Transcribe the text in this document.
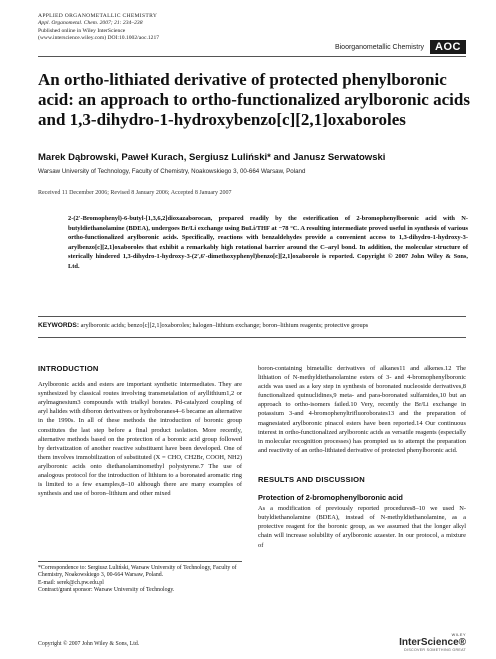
APPLIED ORGANOMETALLIC CHEMISTRY
Appl. Organometal. Chem. 2007; 21: 234–238
Published online in Wiley InterScience
(www.interscience.wiley.com) DOI:10.1002/aoc.1217
Bioorganometallic Chemistry	AOC
An ortho-lithiated derivative of protected phenylboronic acid: an approach to ortho-functionalized arylboronic acids and 1,3-dihydro-1-hydroxybenzo[c][2,1]oxaboroles
Marek Dąbrowski, Paweł Kurach, Sergiusz Luliński* and Janusz Serwatowski
Warsaw University of Technology, Faculty of Chemistry, Noakowskiego 3, 00-664 Warsaw, Poland
Received 11 December 2006; Revised 8 January 2006; Accepted 8 January 2007

2-(2′-Bromophenyl)-6-butyl-[1,3,6,2]dioxazaborocan, prepared readily by the esterification of 2-bromophenylboronic acid with N-butyldiethanolamine (BDEA), undergoes Br/Li exchange using BuLi/THF at −78 °C. A resulting intermediate proved useful in synthesis of various ortho-functionalized arylboronic acids. Specifically, reactions with benzaldehydes provide a convenient access to 1,3-dihydro-1-hydroxy-3-arylbenzo[c][2,1]oxaboroles that exhibit a remarkably high rotational barrier around the C–aryl bond. In addition, the molecular structure of sterically hindered 1,3-dihydro-1-hydroxy-3-(2′,6′-dimethoxyphenyl)benzo[c][2,1]oxaborole is reported. Copyright © 2007 John Wiley & Sons, Ltd.

KEYWORDS: arylboronic acids; benzo[c][2,1]oxaboroles; halogen–lithium exchange; boron–lithium reagents; protective groups
INTRODUCTION

Arylboronic acids and esters are important synthetic intermediates. They are synthesized by classical routes involving transmetalation of aryllithium1,2 or arylmagnesium3 compounds with trialkyl borates. Pd-catalyzed coupling of aryl halides with diboron derivatives or hydroboranes4–6 became an alternative in the 1990s. In all of these methods the introduction of boronic group constitutes the last step before a final product isolation. More recently, alternative methods based on the protection of a boronic acid group followed by derivatization of another reactive substituent have been developed. One of them involves immobilization of substituted (X = CHO, CH2Br, COOH, NH2) arylboronic acids onto diethanolaminomethyl polystyrene.7 The use of analogous protocol for the introduction of lithium to a boronated aromatic ring is limited to a few examples,8–10 although there are many examples of synthesis and use of boron–lithium and other mixed

*Correspondence to: Sergiusz Luliński, Warsaw University of Technology, Faculty of Chemistry, Noakowskiego 3, 00-664 Warsaw, Poland.

E-mail: serek@ch.pw.edu.pl

Contract/grant sponsor: Warsaw University of Technology.

Copyright © 2007 John Wiley & Sons, Ltd.

boron-containing bimetallic derivatives of alkanes11 and alkenes.12 The lithiation of N-methyldiethanolamine esters of 3- and 4-bromophenylboronic acids was used as a key step in synthesis of boronated nucleoside derivatives,8 functionalized quinuclidines,9 meta- and para-boronated sulfamides,10 but an approach to ortho-isomers failed.10 Very, recently the Br/Li exchange in potassium 3-and 4-bromophenyltrifluoroborates13 and the preparation of magnesiated arylboronic pinacol esters have been reported.14 Our continuous interest in ortho-functionalized arylboronic acids as versatile reagents (especially in molecular recognition processes) has prompted us to attempt the preparation and reactivity of an ortho-lithiated derivative of protected phenylboronic acid.

RESULTS AND DISCUSSION
Protection of 2-bromophenylboronic acid

As a modification of previously reported procedures8–10 we used N-butyldiethanolamine (BDEA), instead of N-methyldiethanolamine, as a protective reagent for the boronic group, as we assumed that the longer alkyl chain will increase solubility of arylboronic azaester. In our protocol, a mixture of

WILEY
InterScience®
DISCOVER SOMETHING GREAT
